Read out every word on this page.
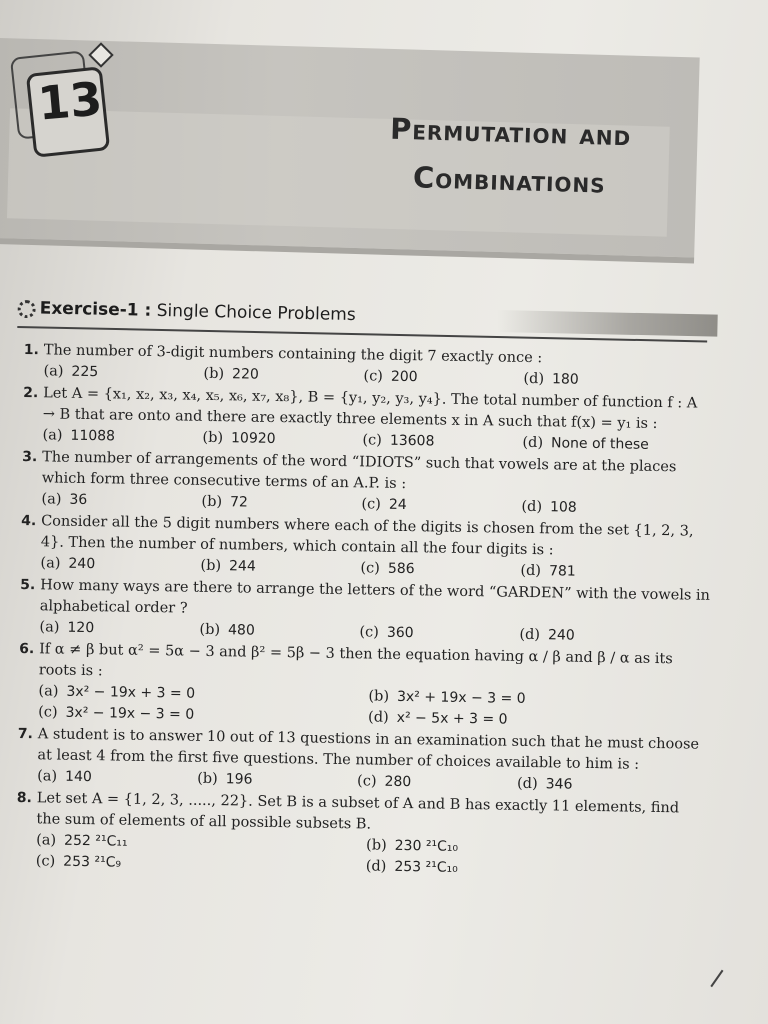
13
Permutation and
Combinations
Exercise-1 : Single Choice Problems
1. The number of 3-digit numbers containing the digit 7 exactly once :
(a) 225	(b) 220	(c) 200	(d) 180
2. Let A = {x₁, x₂, x₃, x₄, x₅, x₆, x₇, x₈}, B = {y₁, y₂, y₃, y₄}. The total number of function f : A → B that are onto and there are exactly three elements x in A such that f(x) = y₁ is :
(a) 11088	(b) 10920	(c) 13608	(d) None of these
3. The number of arrangements of the word “IDIOTS” such that vowels are at the places which form three consecutive terms of an A.P. is :
(a) 36	(b) 72	(c) 24	(d) 108
4. Consider all the 5 digit numbers where each of the digits is chosen from the set {1, 2, 3, 4}. Then the number of numbers, which contain all the four digits is :
(a) 240	(b) 244	(c) 586	(d) 781
5. How many ways are there to arrange the letters of the word “GARDEN” with the vowels in alphabetical order ?
(a) 120	(b) 480	(c) 360	(d) 240
6. If α ≠ β but α² = 5α − 3 and β² = 5β − 3 then the equation having α / β and β / α as its roots is :
(a) 3x² − 19x + 3 = 0	(b) 3x² + 19x − 3 = 0
(c) 3x² − 19x − 3 = 0	(d) x² − 5x + 3 = 0
7. A student is to answer 10 out of 13 questions in an examination such that he must choose at least 4 from the first five questions. The number of choices available to him is :
(a) 140	(b) 196	(c) 280	(d) 346
8. Let set A = {1, 2, 3, ....., 22}. Set B is a subset of A and B has exactly 11 elements, find the sum of elements of all possible subsets B.
(a) 252 ²¹C₁₁	(b) 230 ²¹C₁₀
(c) 253 ²¹C₉	(d) 253 ²¹C₁₀
